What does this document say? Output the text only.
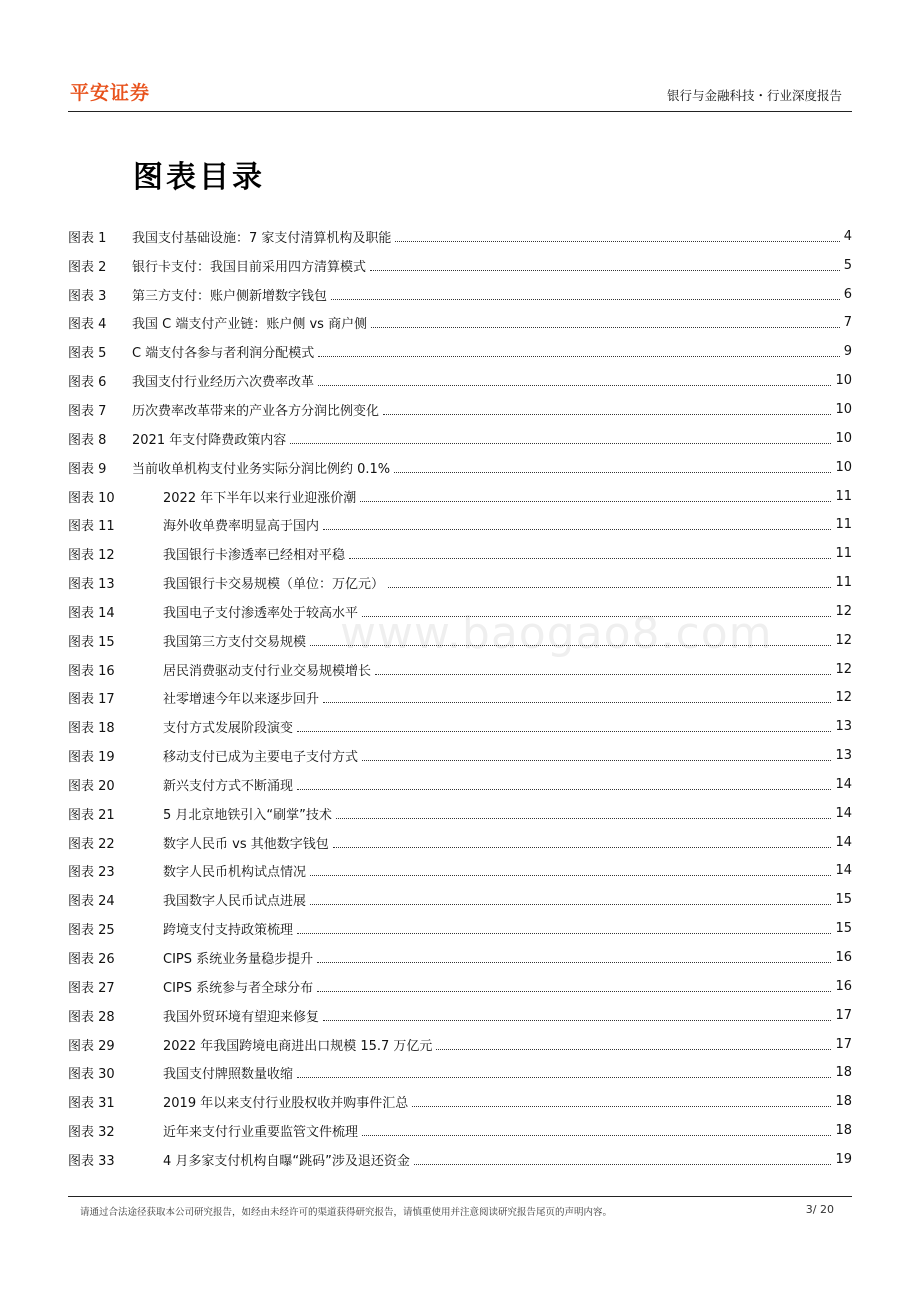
平安证券	银行与金融科技・行业深度报告
图表目录
www.baogao8.com
图表 1	我国支付基础设施：7 家支付清算机构及职能	4
图表 2	银行卡支付：我国目前采用四方清算模式	5
图表 3	第三方支付：账户侧新增数字钱包	6
图表 4	我国 C 端支付产业链：账户侧 vs 商户侧	7
图表 5	C 端支付各参与者利润分配模式	9
图表 6	我国支付行业经历六次费率改革	10
图表 7	历次费率改革带来的产业各方分润比例变化	10
图表 8	2021 年支付降费政策内容	10
图表 9	当前收单机构支付业务实际分润比例约 0.1%	10
图表 10	2022 年下半年以来行业迎涨价潮	11
图表 11	海外收单费率明显高于国内	11
图表 12	我国银行卡渗透率已经相对平稳	11
图表 13	我国银行卡交易规模（单位：万亿元）	11
图表 14	我国电子支付渗透率处于较高水平	12
图表 15	我国第三方支付交易规模	12
图表 16	居民消费驱动支付行业交易规模增长	12
图表 17	社零增速今年以来逐步回升	12
图表 18	支付方式发展阶段演变	13
图表 19	移动支付已成为主要电子支付方式	13
图表 20	新兴支付方式不断涌现	14
图表 21	5 月北京地铁引入“刷掌”技术	14
图表 22	数字人民币 vs 其他数字钱包	14
图表 23	数字人民币机构试点情况	14
图表 24	我国数字人民币试点进展	15
图表 25	跨境支付支持政策梳理	15
图表 26	CIPS 系统业务量稳步提升	16
图表 27	CIPS 系统参与者全球分布	16
图表 28	我国外贸环境有望迎来修复	17
图表 29	2022 年我国跨境电商进出口规模 15.7 万亿元	17
图表 30	我国支付牌照数量收缩	18
图表 31	2019 年以来支付行业股权收并购事件汇总	18
图表 32	近年来支付行业重要监管文件梳理	18
图表 33	4 月多家支付机构自曝“跳码”涉及退还资金	19
请通过合法途径获取本公司研究报告，如经由未经许可的渠道获得研究报告，请慎重使用并注意阅读研究报告尾页的声明内容。	3/ 20
